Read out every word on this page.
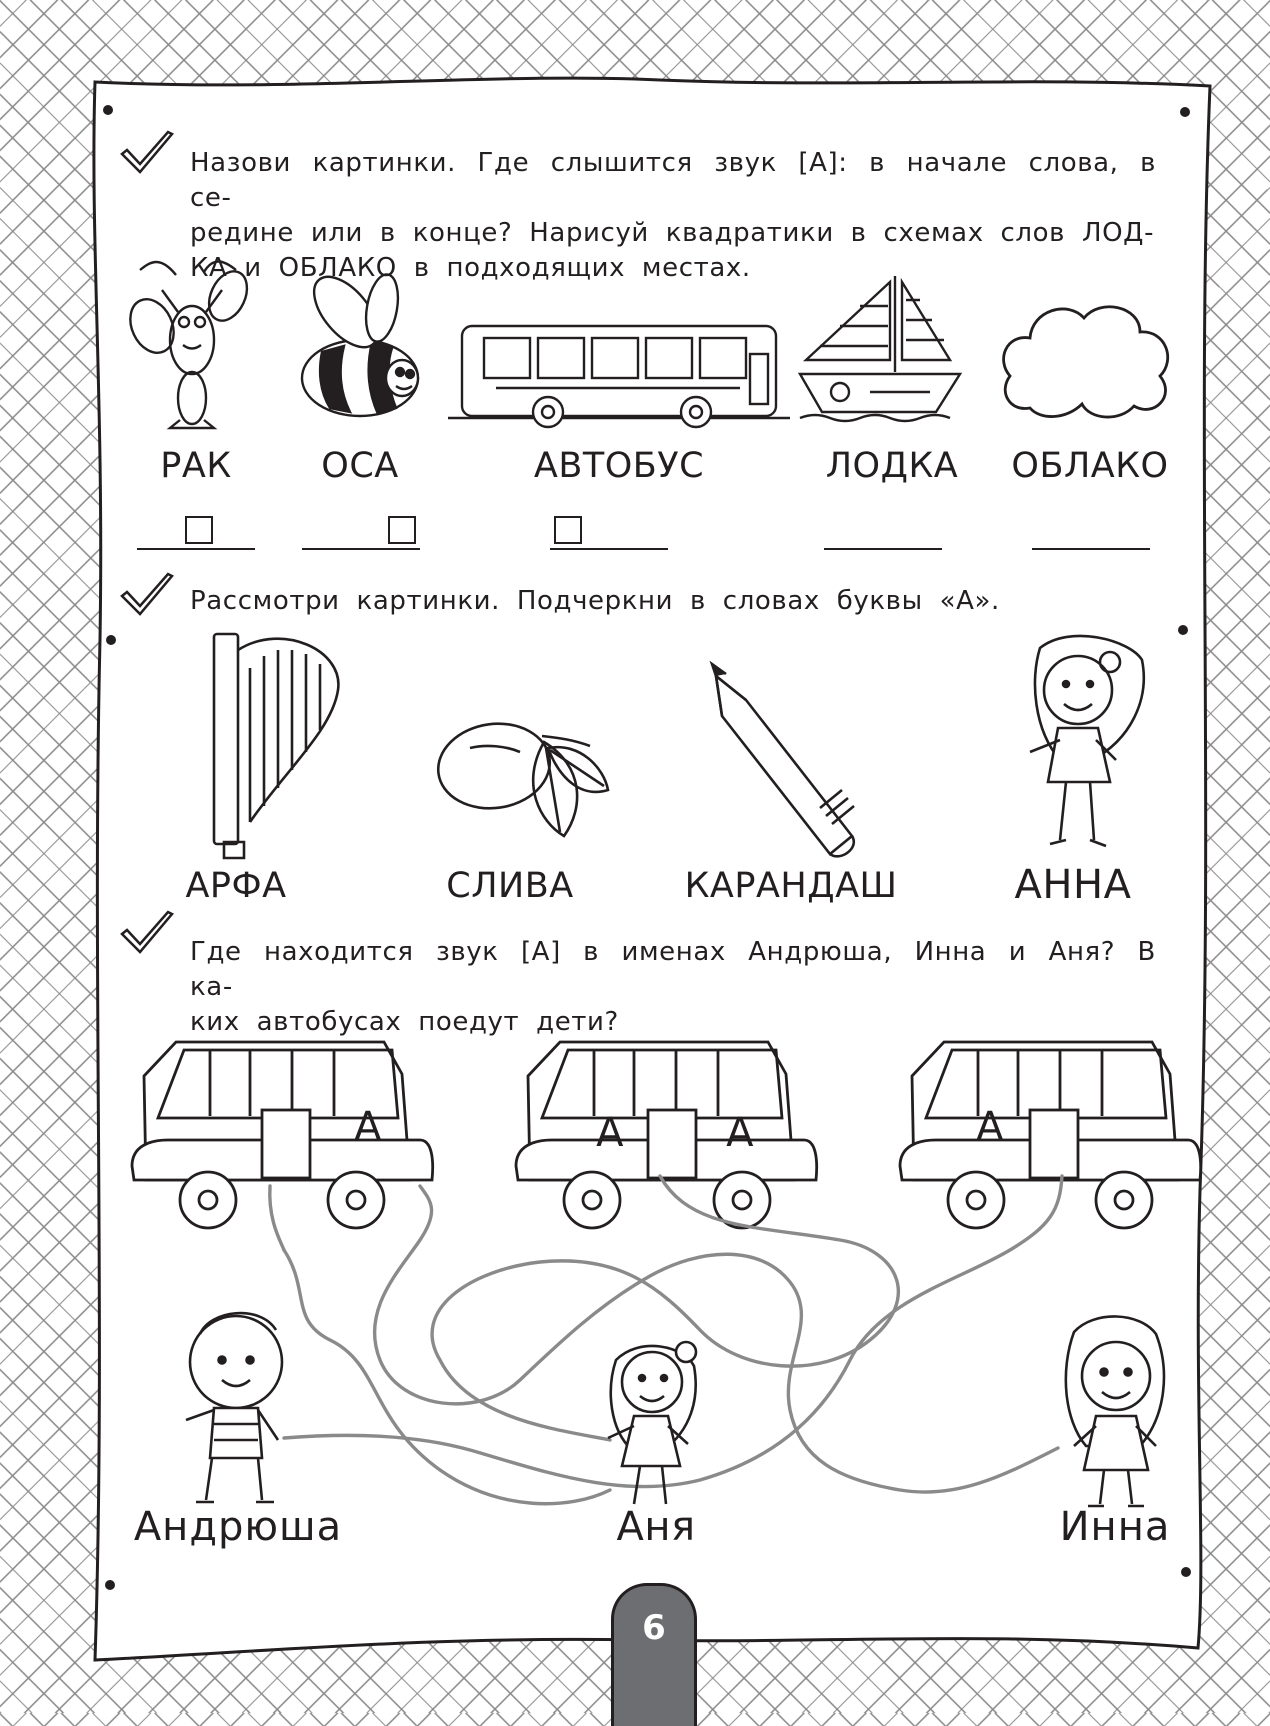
Назови картинки. Где слышится звук [А]: в начале слова, в се-
редине или в конце? Нарисуй квадратики в схемах слов ЛОД-
КА и ОБЛАКО в подходящих местах.

Рассмотри картинки. Подчеркни в словах буквы «А».

Где находится звук [А] в именах Андрюша, Инна и Аня? В ка-
ких автобусах поедут дети?

РАК	ОСА	АВТОБУС	ЛОДКА	ОБЛАКО
АРФА	СЛИВА	КАРАНДАШ	АННА
А	А	А	А
Андрюша	Аня	Инна
6
